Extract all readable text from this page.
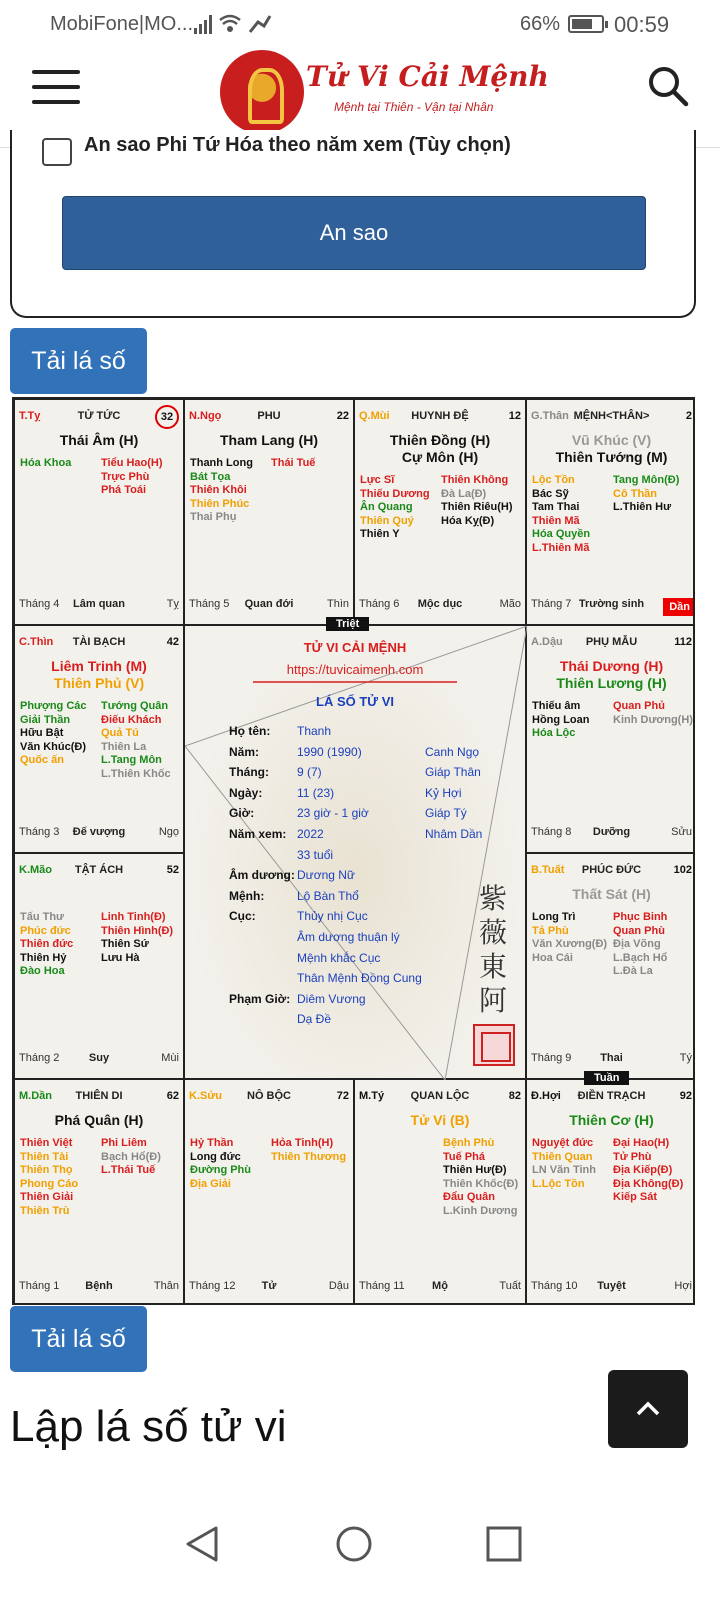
MobiFone|MO...	66% 00:59
Tử Vi Cải Mệnh
Mệnh tại Thiên - Vận tại Nhân
An sao Phi Tứ Hóa theo năm xem (Tùy chọn)
An sao
Tải lá số
T.Tỵ	TỬ TỨC	32
Thái Âm (H)
Hóa Khoa	Tiểu Hao(H)
Trực Phù
Phá Toái
Tháng 4	Lâm quan	Tỵ
N.Ngọ	PHU	22
Tham Lang (H)
Thanh Long
Bát Tọa
Thiên Khôi
Thiên Phúc
Thai Phụ
Thái Tuế
Tháng 5	Quan đới	Thìn
Q.Mùi	HUYNH ĐỆ	12
Thiên Đồng (H)
Cự Môn (H)
Lực Sĩ
Thiếu Dương
Ân Quang
Thiên Quý
Thiên Y
Thiên Không
Đà La(Đ)
Thiên Riêu(H)
Hóa Kỵ(Đ)
Tháng 6	Mộc dục	Mão
G.Thân MỆNH<THÂN>	2
Vũ Khúc (V)
Thiên Tướng (M)
Lộc Tồn
Bác Sỹ
Tam Thai
Thiên Mã
Hóa Quyền
L.Thiên Mã
Tang Môn(Đ)
Cô Thần
L.Thiên Hư
Tháng 7 Trường sinh	Dần
C.Thìn	TÀI BẠCH	42
Liêm Trinh (M)
Thiên Phủ (V)
Phượng Các
Giải Thần
Hữu Bật
Văn Khúc(Đ)
Quốc ấn
Tướng Quân
Điếu Khách
Quả Tú
Thiên La
L.Tang Môn
L.Thiên Khốc
Tháng 3	Đế vượng	Ngọ
A.Dậu	PHỤ MẪU	112
Thái Dương (H)
Thiên Lương (H)
Thiếu âm
Hồng Loan
Hóa Lộc
Quan Phủ
Kinh Dương(H)
Tháng 8	Dưỡng	Sửu
K.Mão	TẬT ÁCH	52
Tấu Thư
Phúc đức
Thiên đức
Thiên Hỷ
Đào Hoa
Linh Tinh(Đ)
Thiên Hình(Đ)
Thiên Sứ
Lưu Hà
Tháng 2	Suy	Mùi
B.Tuất	PHÚC ĐỨC	102
Thất Sát (H)
Long Trì
Tả Phù
Văn Xương(Đ)
Hoa Cái
Phục Binh
Quan Phù
Địa Võng
L.Bạch Hổ
L.Đà La
Tháng 9	Thai	Tý
M.Dần	THIÊN DI	62
Phá Quân (H)
Thiên Việt
Thiên Tài
Thiên Thọ
Phong Cáo
Thiên Giải
Thiên Trù
Phi Liêm
Bạch Hổ(Đ)
L.Thái Tuế
Tháng 1	Bệnh	Thân
K.Sửu	NÔ BỘC	72
Hỷ Thần
Long đức
Đường Phù
Địa Giải
Hỏa Tinh(H)
Thiên Thương
Tháng 12	Tử	Dậu
M.Tý	QUAN LỘC	82
Tử Vi (B)
Bệnh Phù
Tuế Phá
Thiên Hư(Đ)
Thiên Khốc(Đ)
Đẩu Quân
L.Kinh Dương
Tháng 11	Mộ	Tuất
Đ.Hợi	ĐIỀN TRẠCH	92
Thiên Cơ (H)
Nguyệt đức
Thiên Quan
LN Văn Tinh
L.Lộc Tồn
Đại Hao(H)
Tử Phù
Địa Kiếp(Đ)
Địa Không(Đ)
Kiếp Sát
Tháng 10	Tuyệt	Hợi
TỬ VI CẢI MỆNH
https://tuvicaimenh.com
LÁ SỐ TỬ VI
Họ tên: Thanh
Năm:	1990 (1990)	Canh Ngọ
Tháng: 9 (7)	Giáp Thân
Ngày:	11 (23)	Kỷ Hợi
Giờ:	23 giờ - 1 giờ	Giáp Tý
Năm xem: 2022	Nhâm Dần
33 tuổi
Âm dương: Dương Nữ
Mệnh:	Lộ Bàn Thổ
Cục:	Thủy nhị Cục
Âm dương thuận lý
Mệnh khắc Cục
Thân Mệnh Đồng Cung
Phạm Giờ: Diêm Vương
Dạ Đề
紫薇東阿
Triệt
Tuần
Tải lá số
Lập lá số tử vi
